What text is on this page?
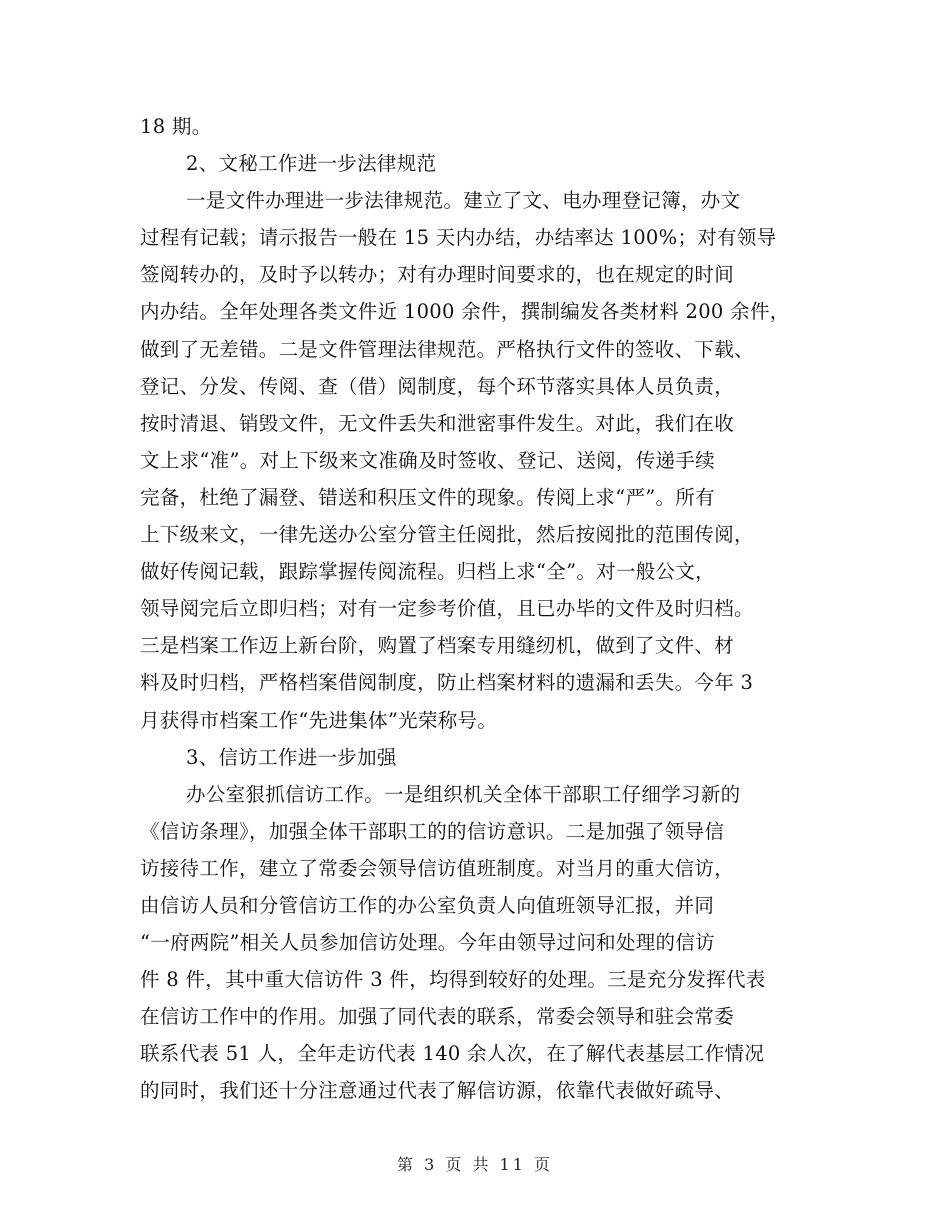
18 期。
2、文秘工作进一步法律规范
一是文件办理进一步法律规范。建立了文、电办理登记簿，办文
过程有记载；请示报告一般在 15 天内办结，办结率达 100%；对有领导
签阅转办的，及时予以转办；对有办理时间要求的，也在规定的时间
内办结。全年处理各类文件近 1000 余件，撰制编发各类材料 200 余件，
做到了无差错。二是文件管理法律规范。严格执行文件的签收、下载、
登记、分发、传阅、查（借）阅制度，每个环节落实具体人员负责，
按时清退、销毁文件，无文件丢失和泄密事件发生。对此，我们在收
文上求“准”。对上下级来文准确及时签收、登记、送阅，传递手续
完备，杜绝了漏登、错送和积压文件的现象。传阅上求“严”。所有
上下级来文，一律先送办公室分管主任阅批，然后按阅批的范围传阅，
做好传阅记载，跟踪掌握传阅流程。归档上求“全”。对一般公文，
领导阅完后立即归档；对有一定参考价值，且已办毕的文件及时归档。
三是档案工作迈上新台阶，购置了档案专用缝纫机，做到了文件、材
料及时归档，严格档案借阅制度，防止档案材料的遗漏和丢失。今年 3
月获得市档案工作“先进集体”光荣称号。
3、信访工作进一步加强
办公室狠抓信访工作。一是组织机关全体干部职工仔细学习新的
《信访条理》，加强全体干部职工的的信访意识。二是加强了领导信
访接待工作，建立了常委会领导信访值班制度。对当月的重大信访，
由信访人员和分管信访工作的办公室负责人向值班领导汇报，并同
“一府两院”相关人员参加信访处理。今年由领导过问和处理的信访
件 8 件，其中重大信访件 3 件，均得到较好的处理。三是充分发挥代表
在信访工作中的作用。加强了同代表的联系，常委会领导和驻会常委
联系代表 51 人，全年走访代表 140 余人次，在了解代表基层工作情况
的同时，我们还十分注意通过代表了解信访源，依靠代表做好疏导、
第 3 页 共 11 页
